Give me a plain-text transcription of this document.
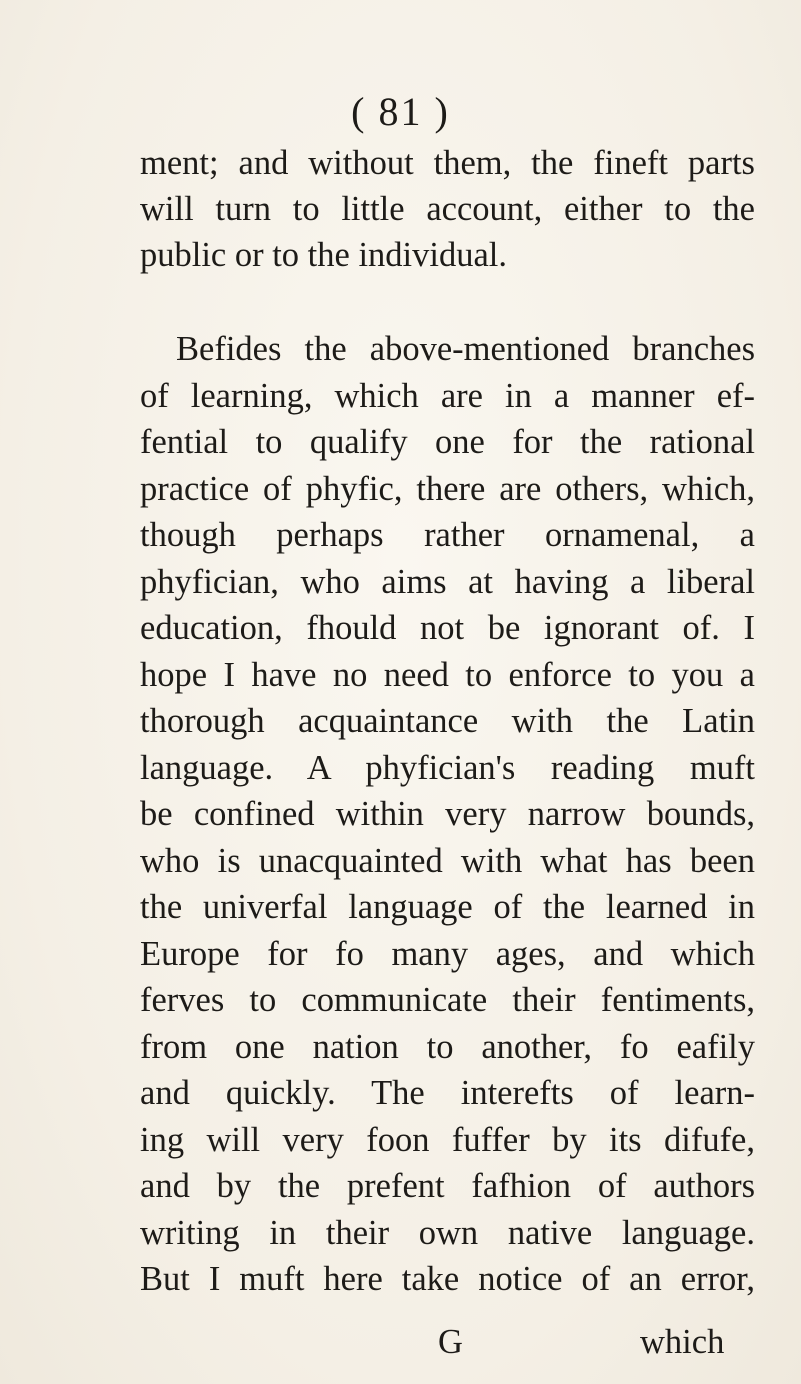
( 81 )
ment; and without them, the fineft parts
will turn to little account, either to the
public or to the individual.
Befides the above-mentioned branches
of learning, which are in a manner ef-
fential to qualify one for the rational
practice of phyfic, there are others, which,
though perhaps rather ornamenal, a
phyfician, who aims at having a liberal
education, fhould not be ignorant of. I
hope I have no need to enforce to you a
thorough acquaintance with the Latin
language. A phyfician's reading muft
be confined within very narrow bounds,
who is unacquainted with what has been
the univerfal language of the learned in
Europe for fo many ages, and which
ferves to communicate their fentiments,
from one nation to another, fo eafily
and quickly. The interefts of learn-
ing will very foon fuffer by its difufe,
and by the prefent fafhion of authors
writing in their own native language.
But I muft here take notice of an error,
G	which
